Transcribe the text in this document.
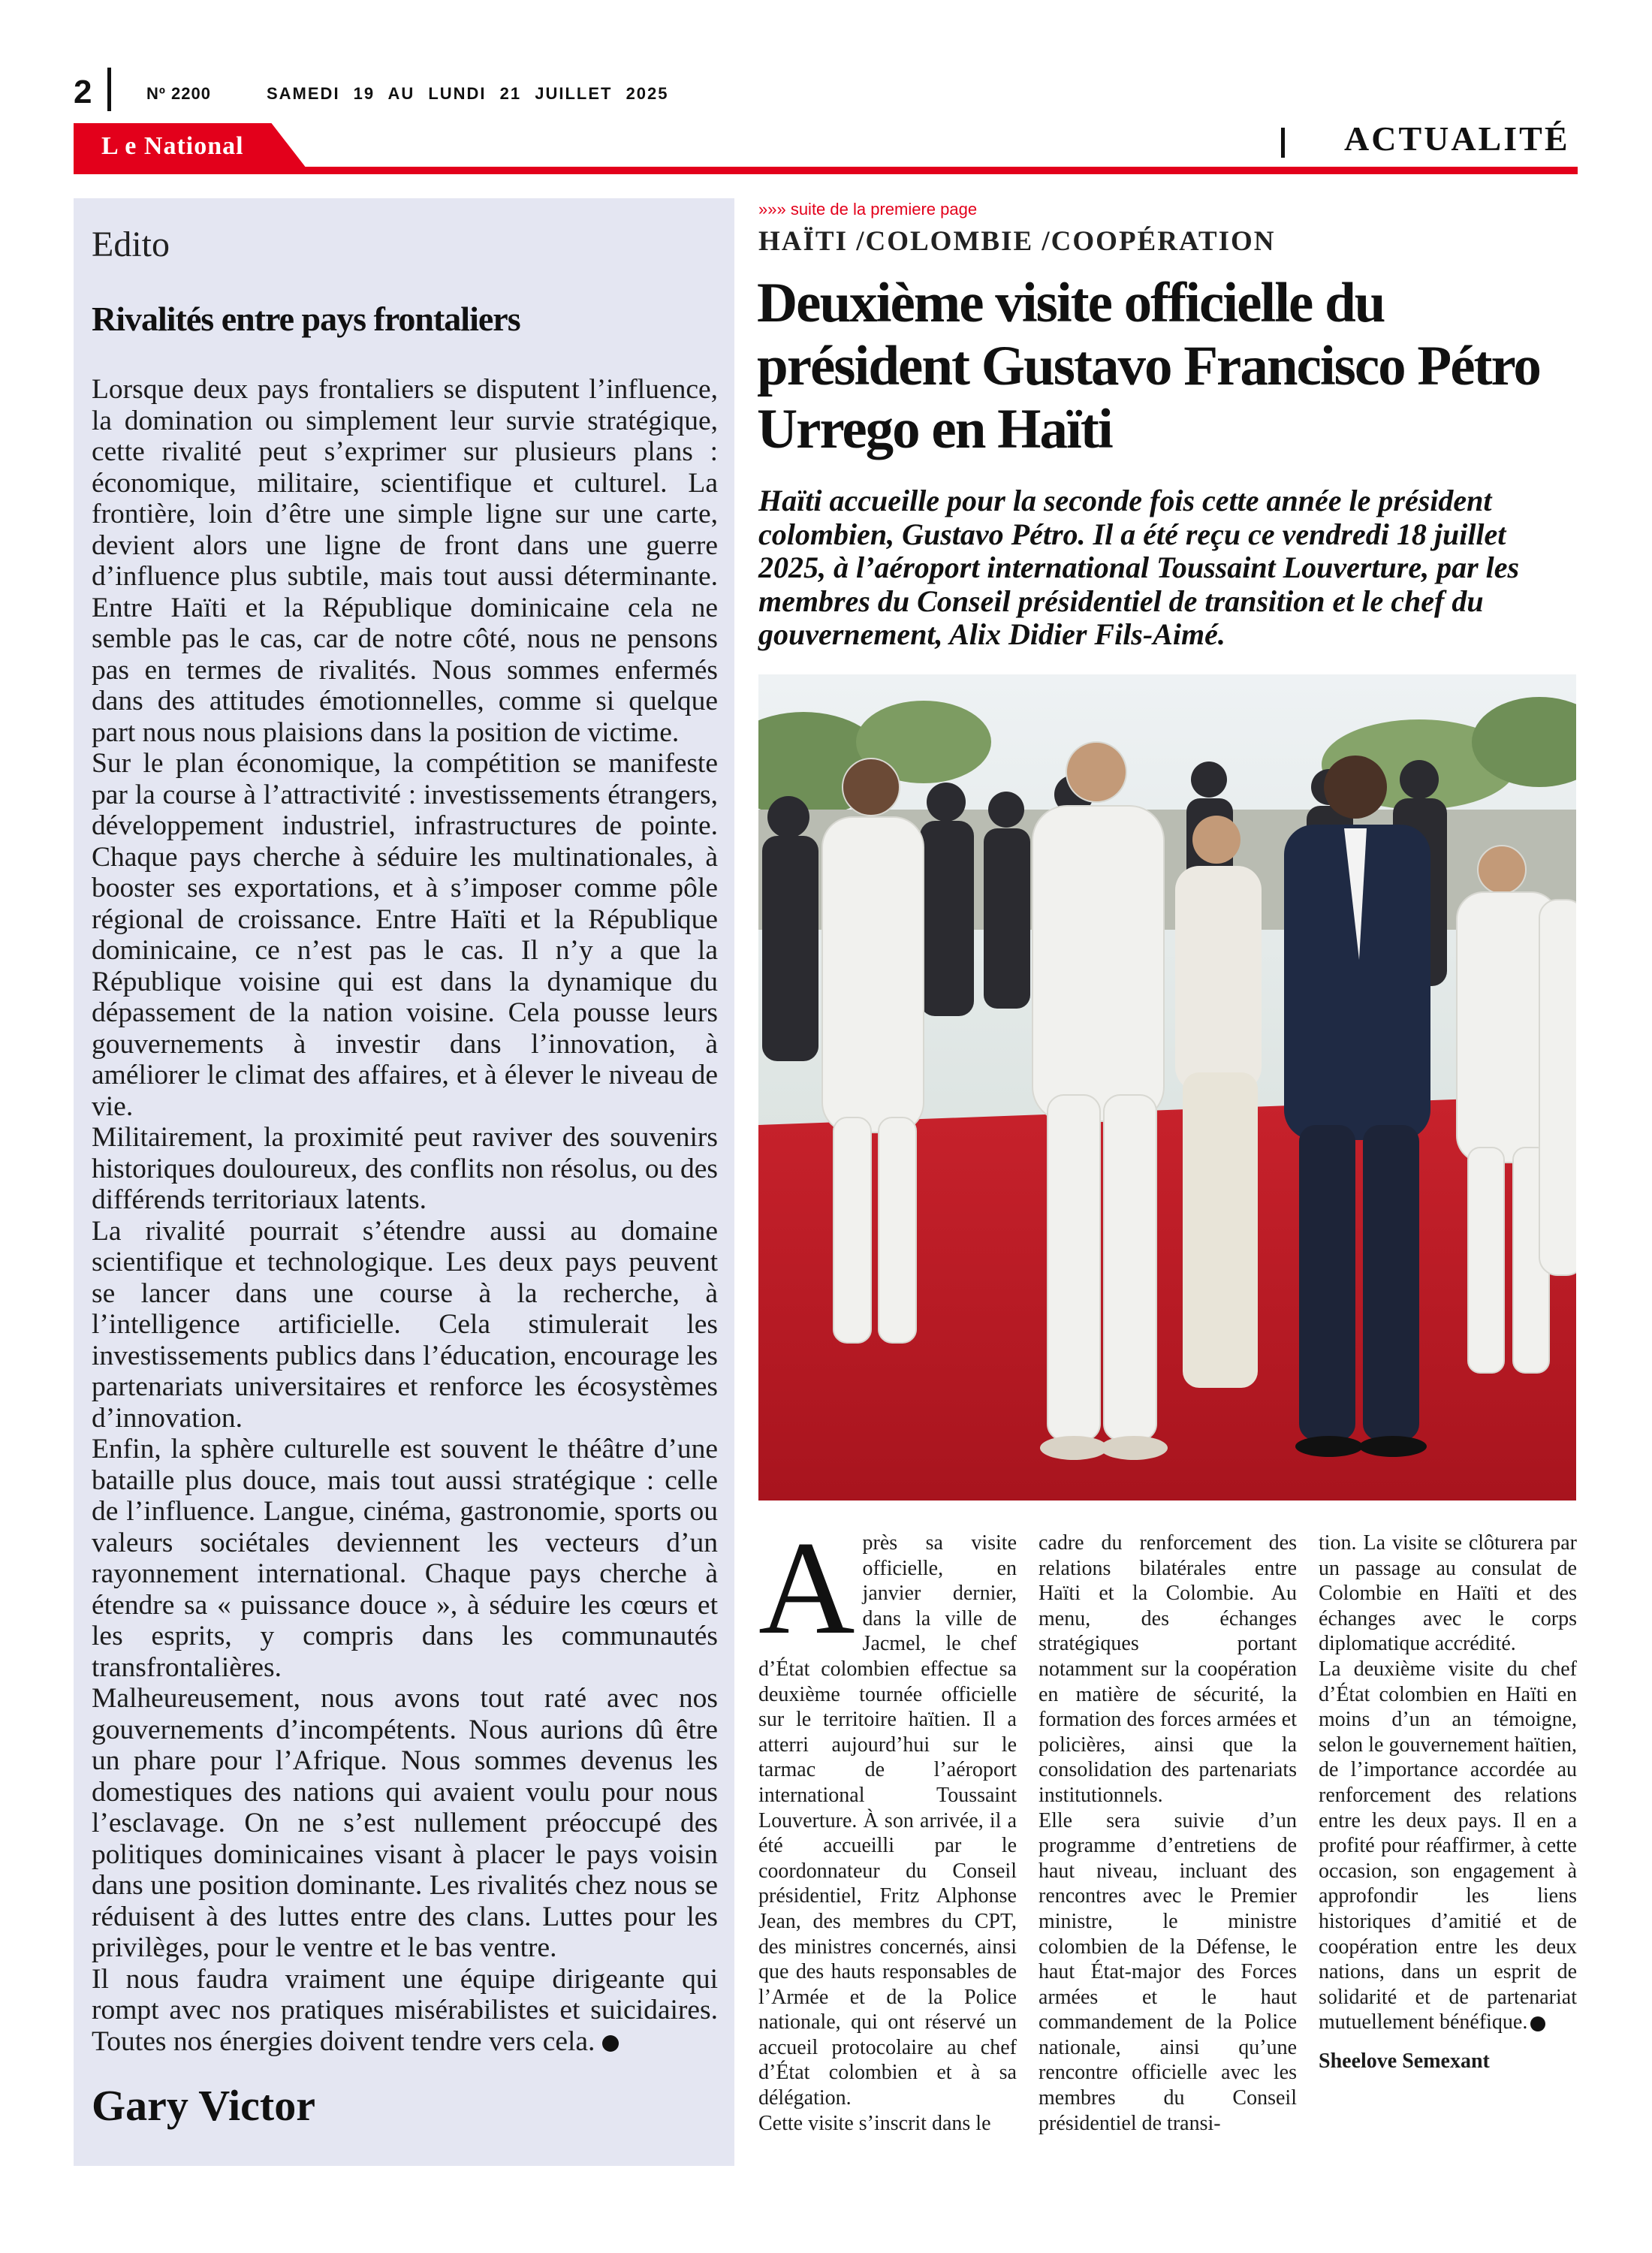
2	Nº 2200	SAMEDI 19 AU LUNDI 21 JUILLET 2025
L e National	ACTUALITÉ
Edito
Rivalités entre pays frontaliers

Lorsque deux pays frontaliers se disputent l’influence, la domination ou simplement leur survie stratégique, cette rivalité peut s’exprimer sur plusieurs plans : économique, militaire, scientifique et culturel. La frontière, loin d’être une simple ligne sur une carte, devient alors une ligne de front dans une guerre d’influence plus subtile, mais tout aussi déterminante. Entre Haïti et la République dominicaine cela ne semble pas le cas, car de notre côté, nous ne pensons pas en termes de rivalités. Nous sommes enfermés dans des attitudes émotionnelles, comme si quelque part nous nous plaisions dans la position de victime.

Sur le plan économique, la compétition se manifeste par la course à l’attractivité : investissements étrangers, développement industriel, infrastructures de pointe. Chaque pays cherche à séduire les multinationales, à booster ses exportations, et à s’imposer comme pôle régional de croissance. Entre Haïti et la République dominicaine, ce n’est pas le cas. Il n’y a que la République voisine qui est dans la dynamique du dépassement de la nation voisine. Cela pousse leurs gouvernements à investir dans l’innovation, à améliorer le climat des affaires, et à élever le niveau de vie.

Militairement, la proximité peut raviver des souvenirs historiques douloureux, des conflits non résolus, ou des différends territoriaux latents.

La rivalité pourrait s’étendre aussi au domaine scientifique et technologique. Les deux pays peuvent se lancer dans une course à la recherche, à l’intelligence artificielle. Cela stimulerait les investissements publics dans l’éducation, encourage les partenariats universitaires et renforce les écosystèmes d’innovation.

Enfin, la sphère culturelle est souvent le théâtre d’une bataille plus douce, mais tout aussi stratégique : celle de l’influence. Langue, cinéma, gastronomie, sports ou valeurs sociétales deviennent les vecteurs d’un rayonnement international. Chaque pays cherche à étendre sa « puissance douce », à séduire les cœurs et les esprits, y compris dans les communautés transfrontalières.

Malheureusement, nous avons tout raté avec nos gouvernements d’incompétents. Nous aurions dû être un phare pour l’Afrique. Nous sommes devenus les domestiques des nations qui avaient voulu pour nous l’esclavage. On ne s’est nullement préoccupé des politiques dominicaines visant à placer le pays voisin dans une position dominante. Les rivalités chez nous se réduisent à des luttes entre des clans. Luttes pour les privilèges, pour le ventre et le bas ventre.

Il nous faudra vraiment une équipe dirigeante qui rompt avec nos pratiques misérabilistes et suicidaires. Toutes nos énergies doivent tendre vers cela.

Gary Victor
»»» suite de la premiere page
HAÏTI /COLOMBIE /COOPÉRATION
Deuxième visite officielle du président Gustavo Francisco Pétro Urrego en Haïti
Haïti accueille pour la seconde fois cette année le président colombien, Gustavo Pétro. Il a été reçu ce vendredi 18 juillet 2025, à l’aéroport international Toussaint Louverture, par les membres du Conseil présidentiel de transition et le chef du gouvernement, Alix Didier Fils-Aimé.

Après sa visite officielle, en janvier dernier, dans la ville de Jacmel, le chef d’État colombien effectue sa deuxième tournée officielle sur le territoire haïtien. Il a atterri aujourd’hui sur le tarmac de l’aéroport international Toussaint Louverture. À son arrivée, il a été accueilli par le coordonnateur du Conseil présidentiel, Fritz Alphonse Jean, des membres du CPT, des ministres concernés, ainsi que des hauts responsables de l’Armée et de la Police nationale, qui ont réservé un accueil protocolaire au chef d’État colombien et à sa délégation.

Cette visite s’inscrit dans le

cadre du renforcement des relations bilatérales entre Haïti et la Colombie. Au menu, des échanges stratégiques portant notamment sur la coopération en matière de sécurité, la formation des forces armées et policières, ainsi que la consolidation des partenariats institutionnels.

Elle sera suivie d’un programme d’entretiens de haut niveau, incluant des rencontres avec le Premier ministre, le ministre colombien de la Défense, le haut État-major des Forces armées et le haut commandement de la Police nationale, ainsi qu’une rencontre officielle avec les membres du Conseil présidentiel de transi-

tion. La visite se clôturera par un passage au consulat de Colombie en Haïti et des échanges avec le corps diplomatique accrédité.

La deuxième visite du chef d’État colombien en Haïti en moins d’un an témoigne, selon le gouvernement haïtien, de l’importance accordée au renforcement des relations entre les deux pays. Il en a profité pour réaffirmer, à cette occasion, son engagement à approfondir les liens historiques d’amitié et de coopération entre les deux nations, dans un esprit de solidarité et de partenariat mutuellement bénéfique.

Sheelove Semexant
